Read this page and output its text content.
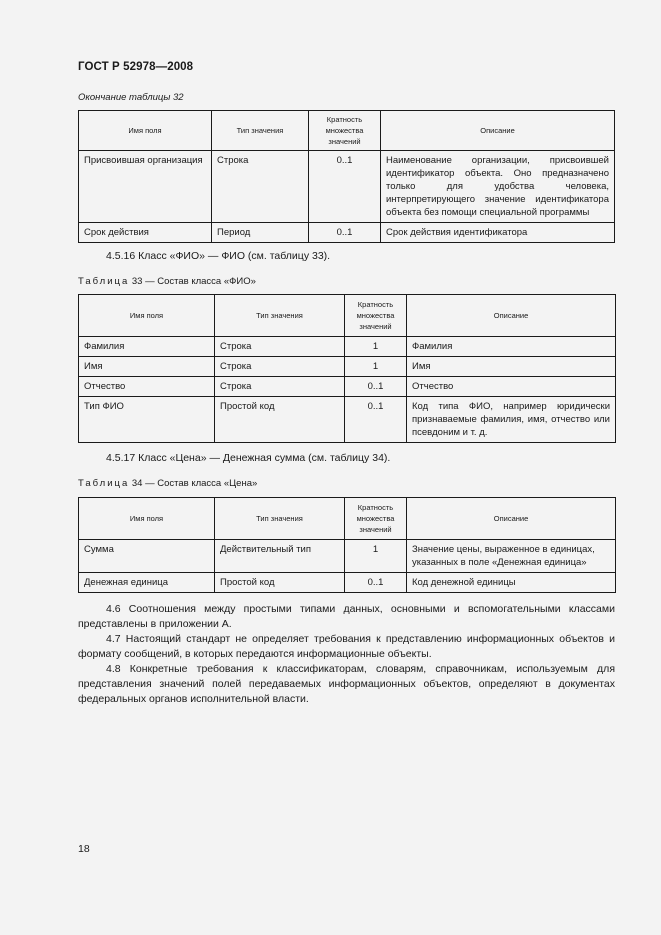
ГОСТ Р 52978—2008
Окончание таблицы 32
Имя поля	Тип значения	Кратность множества значений	Описание
Присвоившая организация	Строка	0..1	Наименование организации, присвоившей идентификатор объекта. Оно предназначено только для удобства человека, интерпретирующего значение идентификатора объекта без помощи специальной программы
Срок действия	Период	0..1	Срок действия идентификатора
4.5.16 Класс «ФИО» — ФИО (см. таблицу 33).
Таблица 33 — Состав класса «ФИО»
Имя поля	Тип значения	Кратность множества значений	Описание
Фамилия	Строка	1	Фамилия
Имя	Строка	1	Имя
Отчество	Строка	0..1	Отчество
Тип ФИО	Простой код	0..1	Код типа ФИО, например юридически признаваемые фамилия, имя, отчество или псевдоним и т. д.
4.5.17 Класс «Цена» — Денежная сумма (см. таблицу 34).
Таблица 34 — Состав класса «Цена»
Имя поля	Тип значения	Кратность множества значений	Описание
Сумма	Действительный тип	1	Значение цены, выраженное в единицах, указанных в поле «Денежная единица»
Денежная единица	Простой код	0..1	Код денежной единицы

4.6 Соотношения между простыми типами данных, основными и вспомогательными классами представлены в приложении А.

4.7 Настоящий стандарт не определяет требования к представлению информационных объектов и формату сообщений, в которых передаются информационные объекты.

4.8 Конкретные требования к классификаторам, словарям, справочникам, используемым для представления значений полей передаваемых информационных объектов, определяют в документах федеральных органов исполнительной власти.

18
